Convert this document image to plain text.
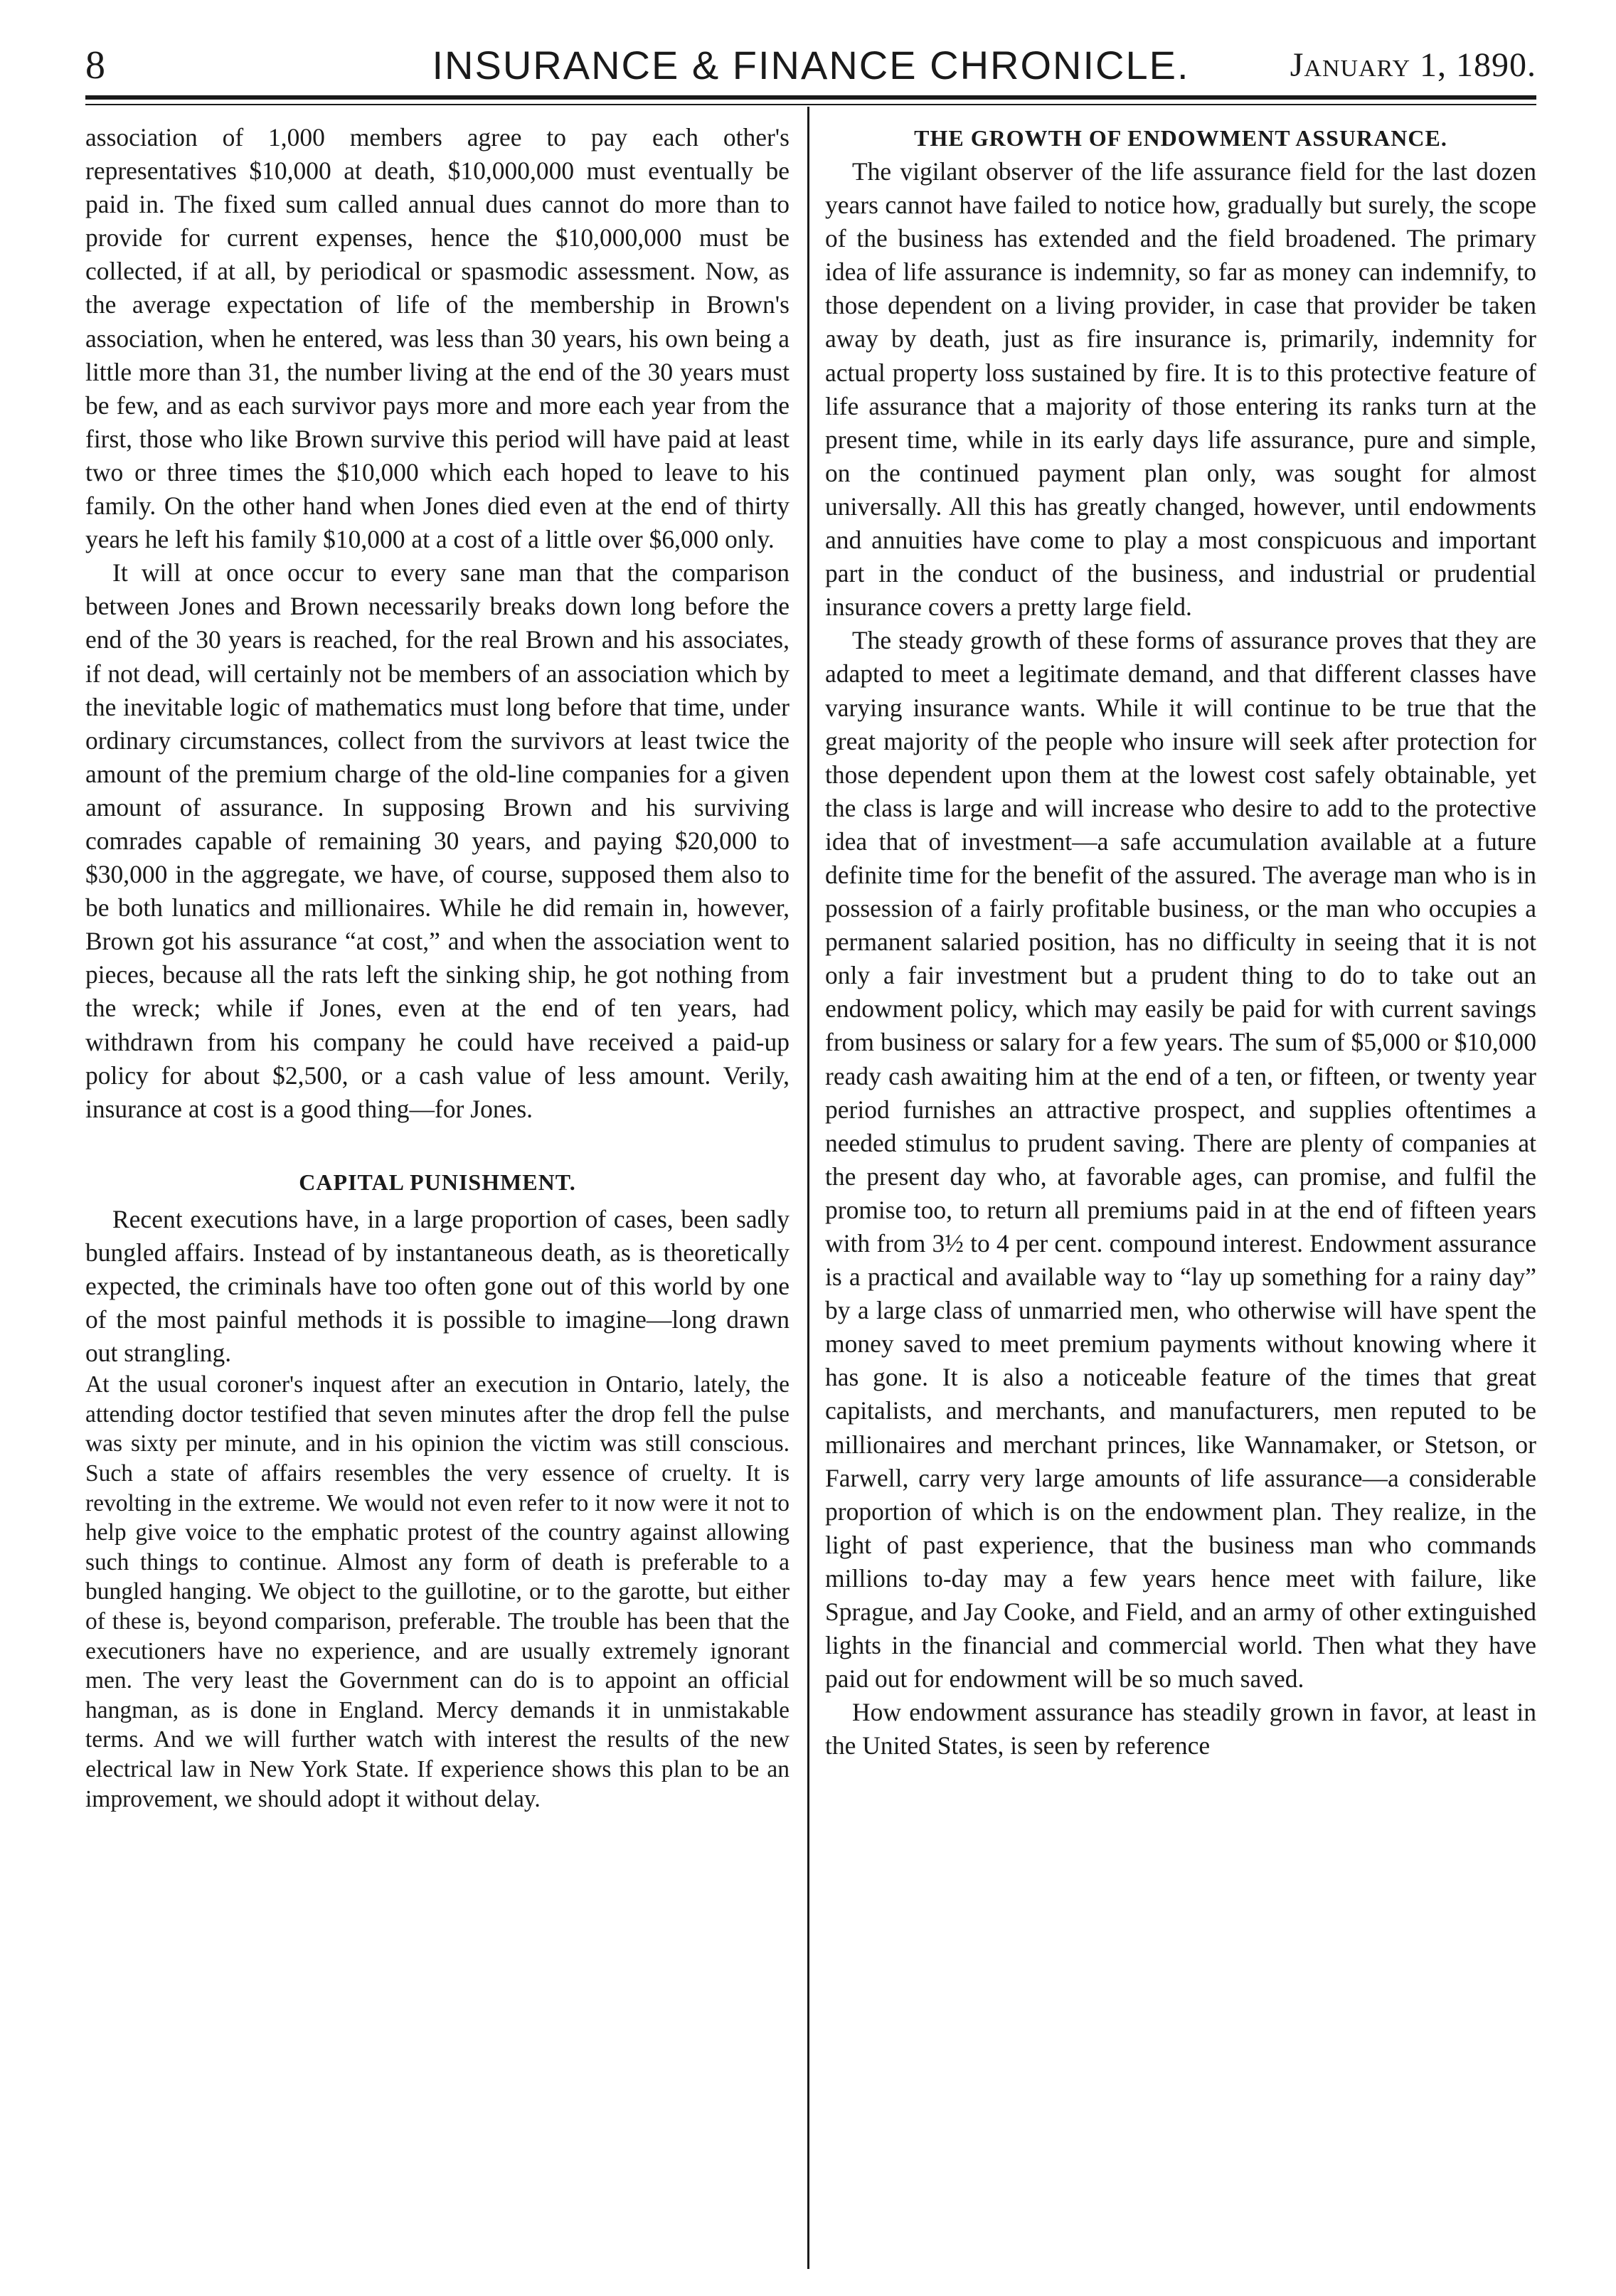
8	INSURANCE & FINANCE CHRONICLE.	January 1, 1890.

association of 1,000 members agree to pay each other's representatives $10,000 at death, $10,000,000 must eventually be paid in. The fixed sum called annual dues cannot do more than to provide for current expenses, hence the $10,000,000 must be collected, if at all, by periodical or spasmodic assessment. Now, as the average expectation of life of the membership in Brown's association, when he entered, was less than 30 years, his own being a little more than 31, the number living at the end of the 30 years must be few, and as each survivor pays more and more each year from the first, those who like Brown survive this period will have paid at least two or three times the $10,000 which each hoped to leave to his family. On the other hand when Jones died even at the end of thirty years he left his family $10,000 at a cost of a little over $6,000 only.

It will at once occur to every sane man that the comparison between Jones and Brown necessarily breaks down long before the end of the 30 years is reached, for the real Brown and his associates, if not dead, will certainly not be members of an association which by the inevitable logic of mathematics must long before that time, under ordinary circumstances, collect from the survivors at least twice the amount of the premium charge of the old-line companies for a given amount of assurance. In supposing Brown and his surviving comrades capable of remaining 30 years, and paying $20,000 to $30,000 in the aggregate, we have, of course, supposed them also to be both lunatics and millionaires. While he did remain in, however, Brown got his assurance “at cost,” and when the association went to pieces, because all the rats left the sinking ship, he got nothing from the wreck; while if Jones, even at the end of ten years, had withdrawn from his company he could have received a paid-up policy for about $2,500, or a cash value of less amount. Verily, insurance at cost is a good thing—for Jones.

CAPITAL PUNISHMENT.

Recent executions have, in a large proportion of cases, been sadly bungled affairs. Instead of by instantaneous death, as is theoretically expected, the criminals have too often gone out of this world by one of the most painful methods it is possible to imagine—long drawn out strangling.

At the usual coroner's inquest after an execution in Ontario, lately, the attending doctor testified that seven minutes after the drop fell the pulse was sixty per minute, and in his opinion the victim was still conscious. Such a state of affairs resembles the very essence of cruelty. It is revolting in the extreme. We would not even refer to it now were it not to help give voice to the emphatic protest of the country against allowing such things to continue. Almost any form of death is preferable to a bungled hanging. We object to the guillotine, or to the garotte, but either of these is, beyond comparison, preferable. The trouble has been that the executioners have no experience, and are usually extremely ignorant men. The very least the Government can do is to appoint an official hangman, as is done in England. Mercy demands it in unmistakable terms. And we will further watch with interest the results of the new electrical law in New York State. If experience shows this plan to be an improvement, we should adopt it without delay.

THE GROWTH OF ENDOWMENT ASSURANCE.

The vigilant observer of the life assurance field for the last dozen years cannot have failed to notice how, gradually but surely, the scope of the business has extended and the field broadened. The primary idea of life assurance is indemnity, so far as money can indemnify, to those dependent on a living provider, in case that provider be taken away by death, just as fire insurance is, primarily, indemnity for actual property loss sustained by fire. It is to this protective feature of life assurance that a majority of those entering its ranks turn at the present time, while in its early days life assurance, pure and simple, on the continued payment plan only, was sought for almost universally. All this has greatly changed, however, until endowments and annuities have come to play a most conspicuous and important part in the conduct of the business, and industrial or prudential insurance covers a pretty large field.

The steady growth of these forms of assurance proves that they are adapted to meet a legitimate demand, and that different classes have varying insurance wants. While it will continue to be true that the great majority of the people who insure will seek after protection for those dependent upon them at the lowest cost safely obtainable, yet the class is large and will increase who desire to add to the protective idea that of investment—a safe accumulation available at a future definite time for the benefit of the assured. The average man who is in possession of a fairly profitable business, or the man who occupies a permanent salaried position, has no difficulty in seeing that it is not only a fair investment but a prudent thing to do to take out an endowment policy, which may easily be paid for with current savings from business or salary for a few years. The sum of $5,000 or $10,000 ready cash awaiting him at the end of a ten, or fifteen, or twenty year period furnishes an attractive prospect, and supplies oftentimes a needed stimulus to prudent saving. There are plenty of companies at the present day who, at favorable ages, can promise, and fulfil the promise too, to return all premiums paid in at the end of fifteen years with from 3½ to 4 per cent. compound interest. Endowment assurance is a practical and available way to “lay up something for a rainy day” by a large class of unmarried men, who otherwise will have spent the money saved to meet premium payments without knowing where it has gone. It is also a noticeable feature of the times that great capitalists, and merchants, and manufacturers, men reputed to be millionaires and merchant princes, like Wannamaker, or Stetson, or Farwell, carry very large amounts of life assurance—a considerable proportion of which is on the endowment plan. They realize, in the light of past experience, that the business man who commands millions to-day may a few years hence meet with failure, like Sprague, and Jay Cooke, and Field, and an army of other extinguished lights in the financial and commercial world. Then what they have paid out for endowment will be so much saved.

How endowment assurance has steadily grown in favor, at least in the United States, is seen by reference
